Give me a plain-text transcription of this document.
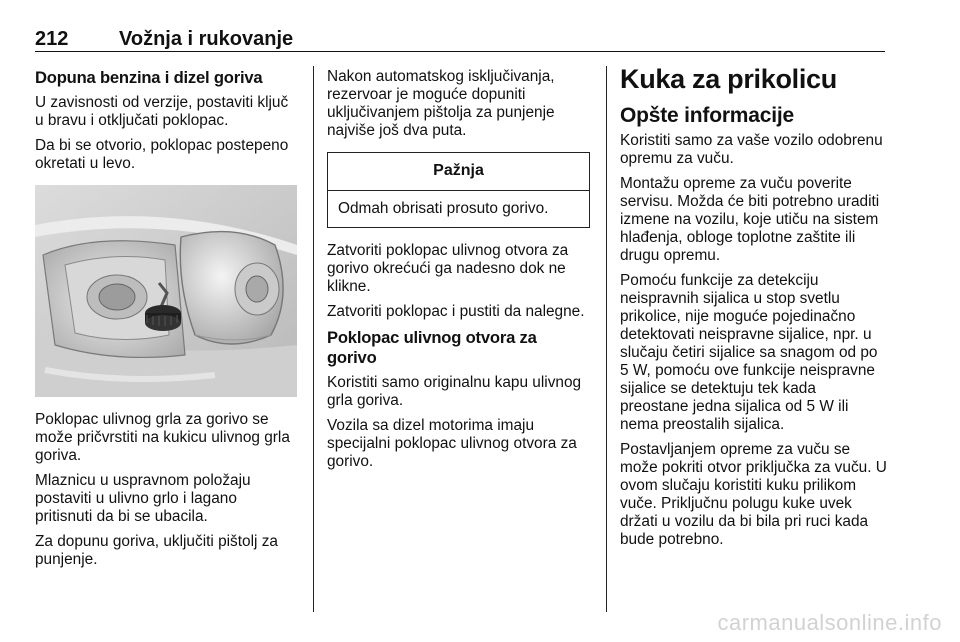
212	Vožnja i rukovanje
Dopuna benzina i dizel goriva

U zavisnosti od verzije, postaviti ključ u bravu i otključati poklopac.

Da bi se otvorio, poklopac postepeno okretati u levo.

Poklopac ulivnog grla za gorivo se može pričvrstiti na kukicu ulivnog grla goriva.

Mlaznicu u uspravnom položaju postaviti u ulivno grlo i lagano pritisnuti da bi se ubacila.

Za dopunu goriva, uključiti pištolj za punjenje.

Nakon automatskog isključivanja, rezervoar je moguće dopuniti uključivanjem pištolja za punjenje najviše još dva puta.

Pažnja
Odmah obrisati prosuto gorivo.

Zatvoriti poklopac ulivnog otvora za gorivo okrećući ga nadesno dok ne klikne.

Zatvoriti poklopac i pustiti da nalegne.

Poklopac ulivnog otvora za gorivo

Koristiti samo originalnu kapu ulivnog grla goriva.

Vozila sa dizel motorima imaju specijalni poklopac ulivnog otvora za gorivo.

Kuka za prikolicu
Opšte informacije

Koristiti samo za vaše vozilo odobrenu opremu za vuču.

Montažu opreme za vuču poverite servisu. Možda će biti potrebno uraditi izmene na vozilu, koje utiču na sistem hlađenja, obloge toplotne zaštite ili drugu opremu.

Pomoću funkcije za detekciju neispravnih sijalica u stop svetlu prikolice, nije moguće pojedinačno detektovati neispravne sijalice, npr. u slučaju četiri sijalice sa snagom od po 5 W, pomoću ove funkcije neispravne sijalice se detektuju tek kada preostane jedna sijalica od 5 W ili nema preostalih sijalica.

Postavljanjem opreme za vuču se može pokriti otvor priključka za vuču. U ovom slučaju koristiti kuku prilikom vuče. Priključnu polugu kuke uvek držati u vozilu da bi bila pri ruci kada bude potrebno.

carmanualsonline.info
